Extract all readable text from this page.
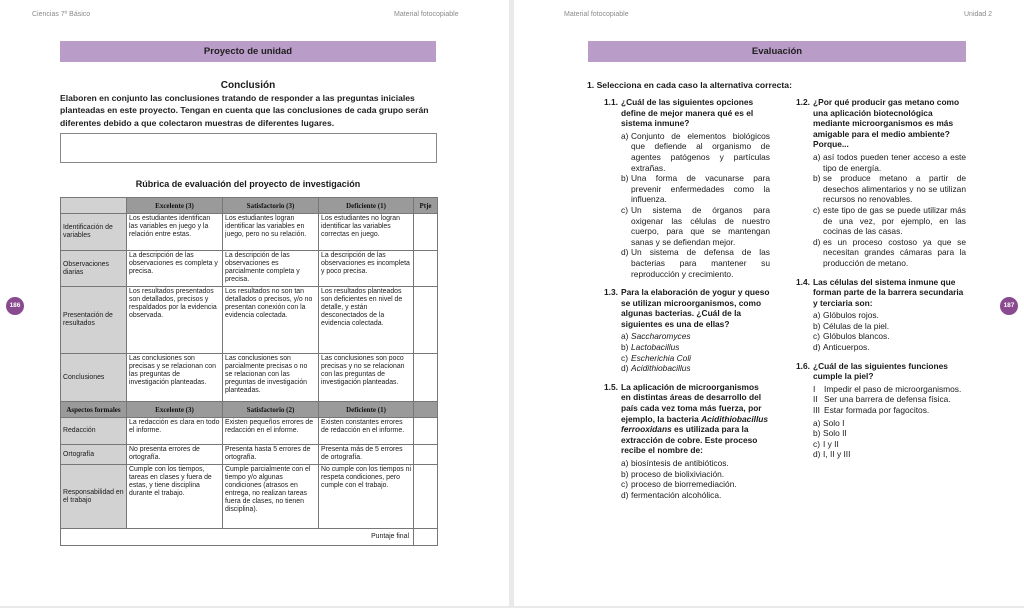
Ciencias 7º Básico	Material fotocopiable
Proyecto de unidad
186
Conclusión
Elaboren en conjunto las conclusiones tratando de responder a las preguntas iniciales planteadas en este proyecto. Tengan en cuenta que las conclusiones de cada grupo serán diferentes debido a que colectaron muestras de diferentes lugares.
Rúbrica de evaluación del proyecto de investigación
	Excelente (3)	Satisfactorio (3)	Deficiente (1)	Ptje
Identificación de variables	Los estudiantes identifican las variables en juego y la relación entre estas.	Los estudiantes logran identificar las variables en juego, pero no su relación.	Los estudiantes no logran identificar las variables correctas en juego.	
Observaciones diarias	La descripción de las observaciones es completa y precisa.	La descripción de las observaciones es parcialmente completa y precisa.	La descripción de las observaciones es incompleta y poco precisa.	
Presentación de resultados	Los resultados presentados son detallados, precisos y respaldados por la evidencia observada.	Los resultados no son tan detallados o precisos, y/o no presentan conexión con la evidencia colectada.	Los resultados planteados son deficientes en nivel de detalle, y están desconectados de la evidencia colectada.	
Conclusiones	Las conclusiones son precisas y se relacionan con las preguntas de investigación planteadas.	Las conclusiones son parcialmente precisas o no se relacionan con las preguntas de investigación planteadas.	Las conclusiones son poco precisas y no se relacionan con las preguntas de investigación planteadas.	
Aspectos formales	Excelente (3)	Satisfactorio (2)	Deficiente (1)	
Redacción	La redacción es clara en todo el informe.	Existen pequeños errores de redacción en el informe.	Existen constantes errores de redacción en el informe.	
Ortografía	No presenta errores de ortografía.	Presenta hasta 5 errores de ortografía.	Presenta más de 5 errores de ortografía.	
Responsabilidad en el trabajo	Cumple con los tiempos, tareas en clases y fuera de estas, y tiene disciplina durante el trabajo.	Cumple parcialmente con el tiempo y/o algunas condiciones (atrasos en entrega, no realizan tareas fuera de clases, no tienen disciplina).	No cumple con los tiempos ni respeta condiciones, pero cumple con el trabajo.	
Puntaje final				
Material fotocopiable	Unidad 2
Evaluación
187
1. Selecciona en cada caso la alternativa correcta:
1.1. ¿Cuál de las siguientes opciones define de mejor manera qué es el sistema inmune?
a) Conjunto de elementos biológicos que defiende al organismo de agentes patógenos y partículas extrañas.
b) Una forma de vacunarse para prevenir enfermedades como la influenza.
c) Un sistema de órganos para oxigenar las células de nuestro cuerpo, para que se mantengan sanas y se defiendan mejor.
d) Un sistema de defensa de las bacterias para mantener su reproducción y crecimiento.
1.3. Para la elaboración de yogur y queso se utilizan microorganismos, como algunas bacterias. ¿Cuál de la siguientes es una de ellas?
a) Saccharomyces
b) Lactobacillus
c) Escherichia Coli
d) Acidithiobacillus
1.5. La aplicación de microorganismos en distintas áreas de desarrollo del país cada vez toma más fuerza, por ejemplo, la bacteria Acidithiobacillus ferrooxidans es utilizada para la extracción de cobre. Este proceso recibe el nombre de:
a) biosíntesis de antibióticos.
b) proceso de biolixiviación.
c) proceso de biorremediación.
d) fermentación alcohólica.
1.2. ¿Por qué producir gas metano como una aplicación biotecnológica mediante microorganismos es más amigable para el medio ambiente? Porque...
a) así todos pueden tener acceso a este tipo de energía.
b) se produce metano a partir de desechos alimentarios y no se utilizan recursos no renovables.
c) este tipo de gas se puede utilizar más de una vez, por ejemplo, en las cocinas de las casas.
d) es un proceso costoso ya que se necesitan grandes cámaras para la producción de metano.
1.4. Las células del sistema inmune que forman parte de la barrera secundaria y terciaria son:
a) Glóbulos rojos.
b) Células de la piel.
c) Glóbulos blancos.
d) Anticuerpos.
1.6. ¿Cuál de las siguientes funciones cumple la piel?
I	Impedir el paso de microorganismos.
II Ser una barrera de defensa física.
III Estar formada por fagocitos.
a) Solo I
b) Solo II
c) I y II
d) I, II y III
